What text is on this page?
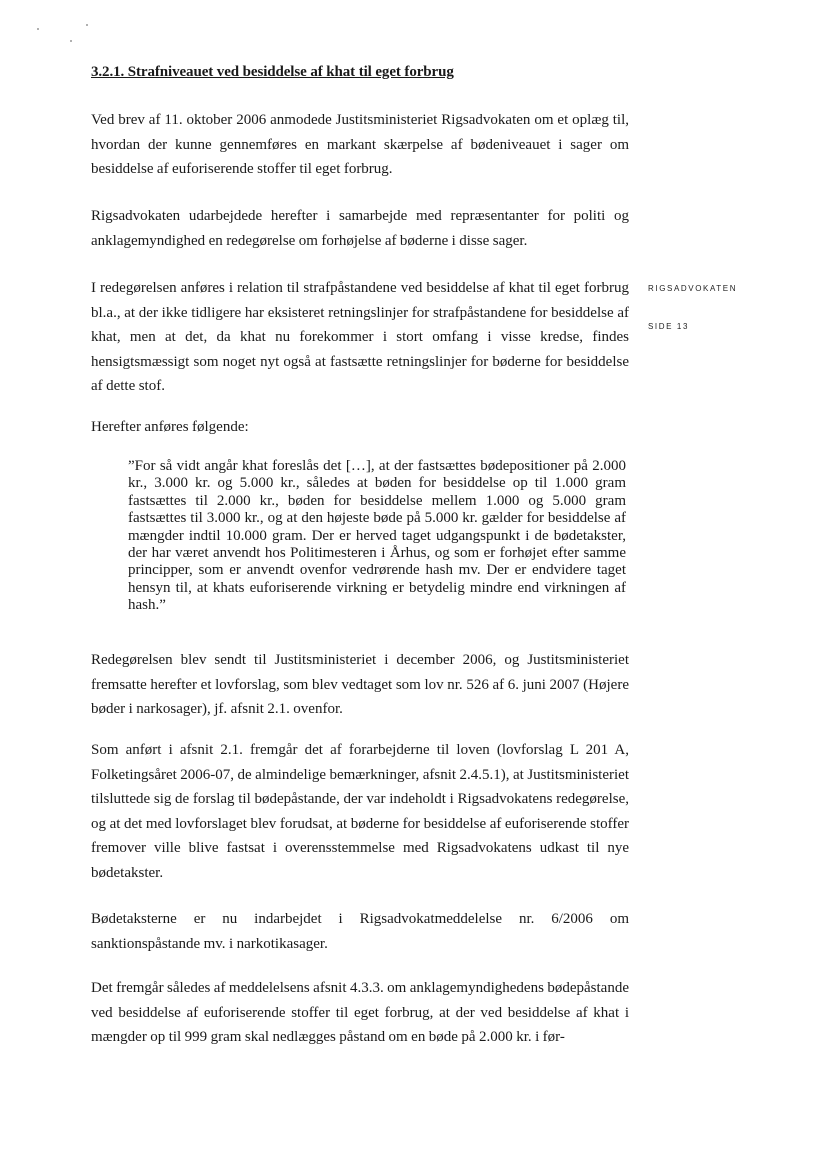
3.2.1. Strafniveauet ved besiddelse af khat til eget forbrug

Ved brev af 11. oktober 2006 anmodede Justitsministeriet Rigsadvokaten om et oplæg til, hvordan der kunne gennemføres en markant skærpelse af bødeniveauet i sager om besiddelse af euforiserende stoffer til eget forbrug.

Rigsadvokaten udarbejdede herefter i samarbejde med repræsentanter for politi og anklagemyndighed en redegørelse om forhøjelse af bøderne i disse sager.

I redegørelsen anføres i relation til strafpåstandene ved besiddelse af khat til eget forbrug bl.a., at der ikke tidligere har eksisteret retningslinjer for strafpåstandene for besiddelse af khat, men at det, da khat nu forekommer i stort omfang i visse kredse, findes hensigtsmæssigt som noget nyt også at fastsætte retningslinjer for bøderne for besiddelse af dette stof.

RIGSADVOKATEN

SIDE 13

Herefter anføres følgende:

”For så vidt angår khat foreslås det […], at der fastsættes bødepositioner på 2.000 kr., 3.000 kr. og 5.000 kr., således at bøden for besiddelse op til 1.000 gram fastsættes til 2.000 kr., bøden for besiddelse mellem 1.000 og 5.000 gram fastsættes til 3.000 kr., og at den højeste bøde på 5.000 kr. gælder for besiddelse af mængder indtil 10.000 gram. Der er herved taget udgangspunkt i de bødetakster, der har været anvendt hos Politimesteren i Århus, og som er forhøjet efter samme principper, som er anvendt ovenfor vedrørende hash mv. Der er endvidere taget hensyn til, at khats euforiserende virkning er betydelig mindre end virkningen af hash.”

Redegørelsen blev sendt til Justitsministeriet i december 2006, og Justitsministeriet fremsatte herefter et lovforslag, som blev vedtaget som lov nr. 526 af 6. juni 2007 (Højere bøder i narkosager), jf. afsnit 2.1. ovenfor.

Som anført i afsnit 2.1. fremgår det af forarbejderne til loven (lovforslag L 201 A, Folketingsåret 2006-07, de almindelige bemærkninger, afsnit 2.4.5.1), at Justitsministeriet tilsluttede sig de forslag til bødepåstande, der var indeholdt i Rigsadvokatens redegørelse, og at det med lovforslaget blev forudsat, at bøderne for besiddelse af euforiserende stoffer fremover ville blive fastsat i overensstemmelse med Rigsadvokatens udkast til nye bødetakster.

Bødetaksterne er nu indarbejdet i Rigsadvokatmeddelelse nr. 6/2006 om sanktionspåstande mv. i narkotikasager.

Det fremgår således af meddelelsens afsnit 4.3.3. om anklagemyndighedens bødepåstande ved besiddelse af euforiserende stoffer til eget forbrug, at der ved besiddelse af khat i mængder op til 999 gram skal nedlægges påstand om en bøde på 2.000 kr. i før-
